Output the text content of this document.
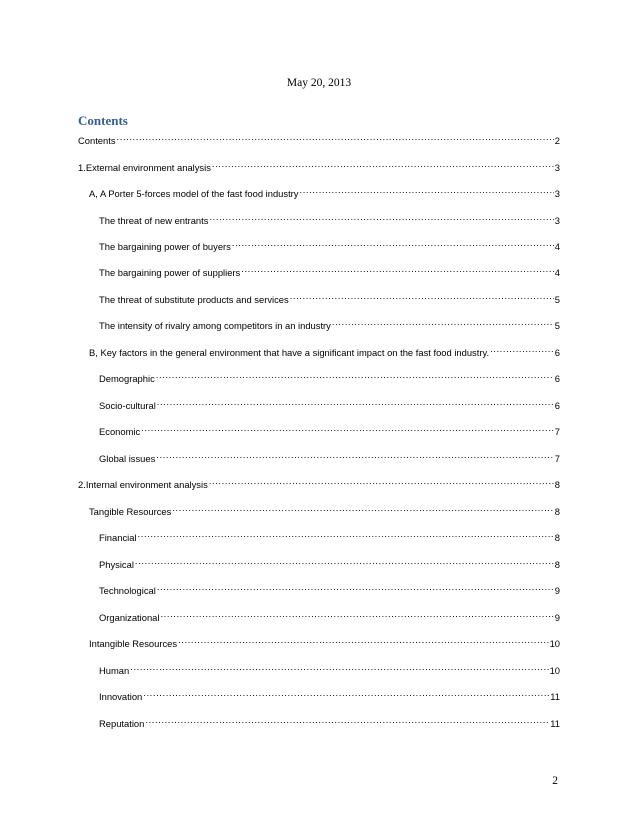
May 20, 2013
Contents
Contents .....	2
1.External environment analysis .....	3
A, A Porter 5-forces model of the fast food industry .....	3
The threat of new entrants .....	3
The bargaining power of buyers .....	4
The bargaining power of suppliers .....	4
The threat of substitute products and services .....	5
The intensity of rivalry among competitors in an industry .....	5
B, Key factors in the general environment that have a significant impact on the fast food industry. .....	6
Demographic .....	6
Socio-cultural .....	6
Economic .....	7
Global issues .....	7
2.Internal environment analysis .....	8
Tangible Resources .....	8
Financial .....	8
Physical .....	8
Technological .....	9
Organizational .....	9
Intangible Resources .....	10
Human .....	10
Innovation .....	11
Reputation .....	11
2
